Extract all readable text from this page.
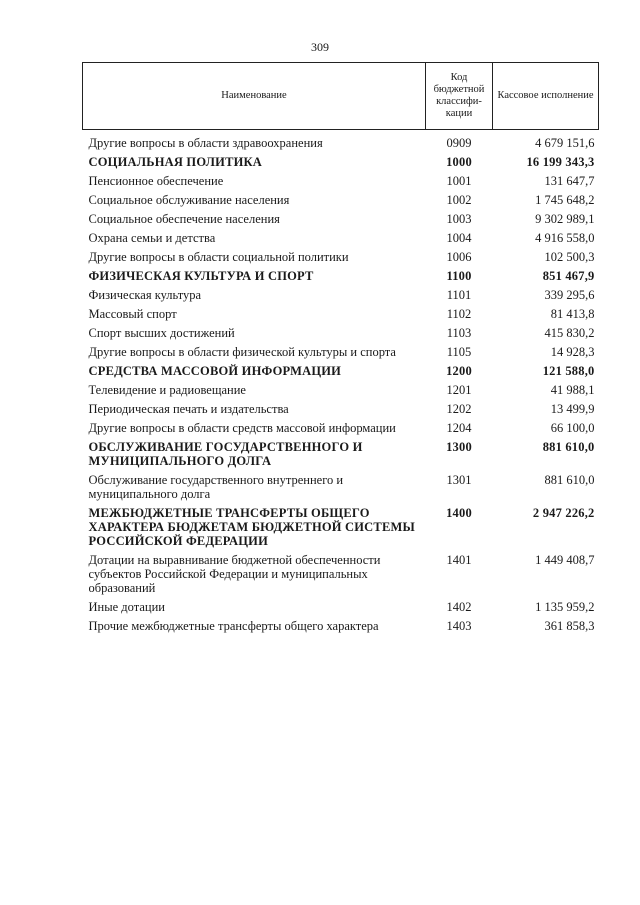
309
Наименование	Код бюджетной классифи-кации	Кассовое исполнение
Другие вопросы в области здравоохранения	0909	4 679 151,6
СОЦИАЛЬНАЯ ПОЛИТИКА	1000	16 199 343,3
Пенсионное обеспечение	1001	131 647,7
Социальное обслуживание населения	1002	1 745 648,2
Социальное обеспечение населения	1003	9 302 989,1
Охрана семьи и детства	1004	4 916 558,0
Другие вопросы в области социальной политики	1006	102 500,3
ФИЗИЧЕСКАЯ КУЛЬТУРА И СПОРТ	1100	851 467,9
Физическая культура	1101	339 295,6
Массовый спорт	1102	81 413,8
Спорт высших достижений	1103	415 830,2
Другие вопросы в области физической культуры и спорта	1105	14 928,3
СРЕДСТВА МАССОВОЙ ИНФОРМАЦИИ	1200	121 588,0
Телевидение и радиовещание	1201	41 988,1
Периодическая печать и издательства	1202	13 499,9
Другие вопросы в области средств массовой информации	1204	66 100,0
ОБСЛУЖИВАНИЕ ГОСУДАРСТВЕННОГО И МУНИЦИПАЛЬНОГО ДОЛГА	1300	881 610,0
Обслуживание государственного внутреннего и муниципального долга	1301	881 610,0
МЕЖБЮДЖЕТНЫЕ ТРАНСФЕРТЫ ОБЩЕГО ХАРАКТЕРА БЮДЖЕТАМ БЮДЖЕТНОЙ СИСТЕМЫ РОССИЙСКОЙ ФЕДЕРАЦИИ	1400	2 947 226,2
Дотации на выравнивание бюджетной обеспеченности субъектов Российской Федерации и муниципальных образований	1401	1 449 408,7
Иные дотации	1402	1 135 959,2
Прочие межбюджетные трансферты общего характера	1403	361 858,3
